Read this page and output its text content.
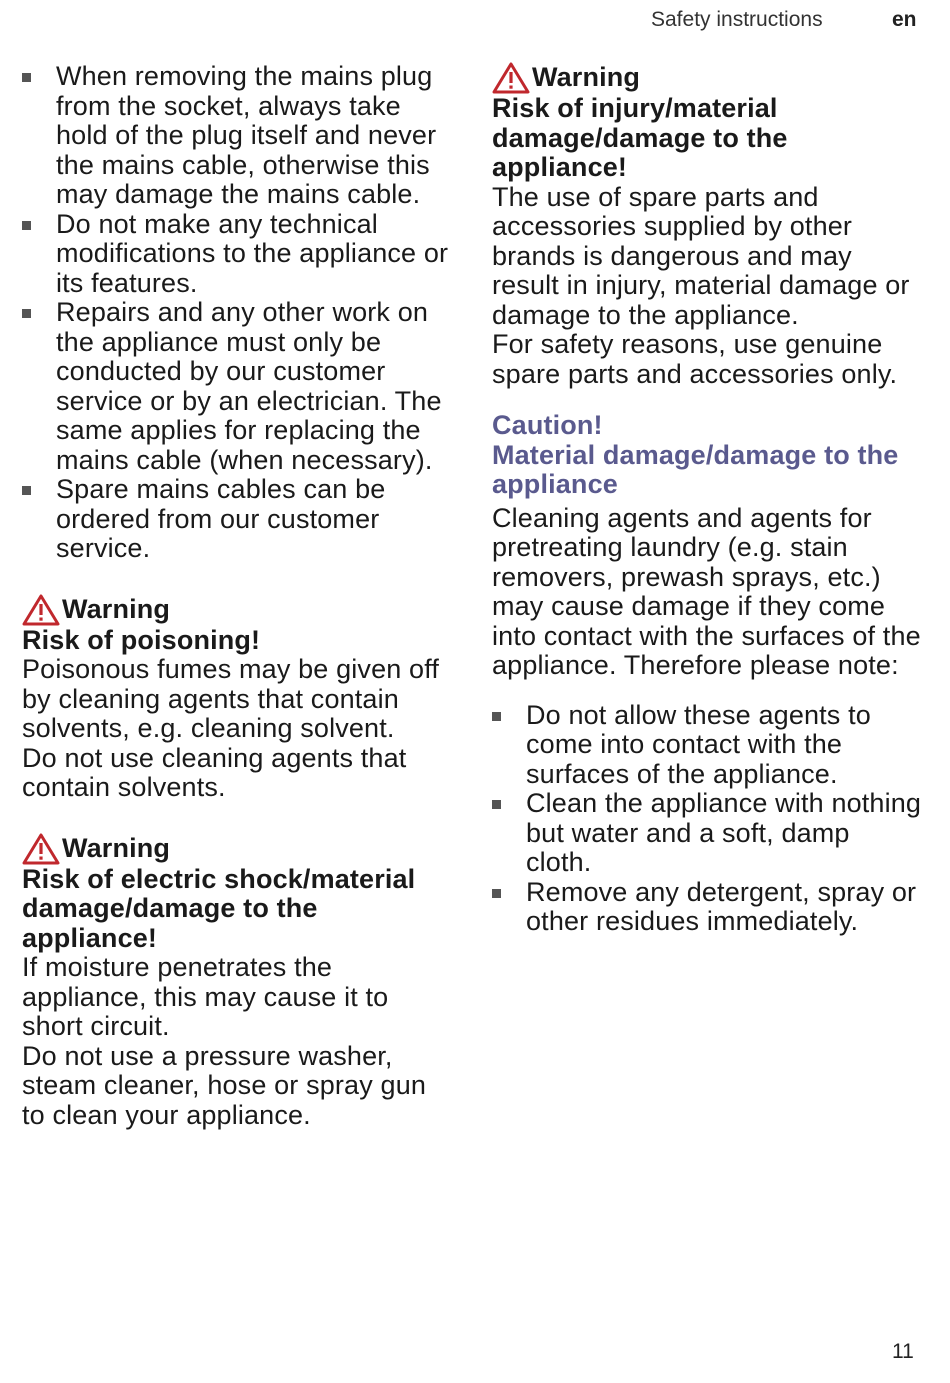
Safety instructions	en
When removing the mains plug from the socket, always take hold of the plug itself and never the mains cable, otherwise this may damage the mains cable.
Do not make any technical modifications to the appliance or its features.
Repairs and any other work on the appliance must only be conducted by our customer service or by an electrician. The same applies for replacing the mains cable (when necessary).
Spare mains cables can be ordered from our customer service.
Warning
Risk of poisoning!

Poisonous fumes may be given off by cleaning agents that contain solvents, e.g. cleaning solvent.

Do not use cleaning agents that contain solvents.

Warning
Risk of electric shock/material damage/damage to the appliance!

If moisture penetrates the appliance, this may cause it to short circuit.

Do not use a pressure washer, steam cleaner, hose or spray gun to clean your appliance.

Warning
Risk of injury/material damage/damage to the appliance!

The use of spare parts and accessories supplied by other brands is dangerous and may result in injury, material damage or damage to the appliance.

For safety reasons, use genuine spare parts and accessories only.

Caution!
Material damage/damage to the appliance

Cleaning agents and agents for pretreating laundry (e.g. stain removers, prewash sprays, etc.) may cause damage if they come into contact with the surfaces of the appliance. Therefore please note:

Do not allow these agents to come into contact with the surfaces of the appliance.
Clean the appliance with nothing but water and a soft, damp cloth.
Remove any detergent, spray or other residues immediately.
11
